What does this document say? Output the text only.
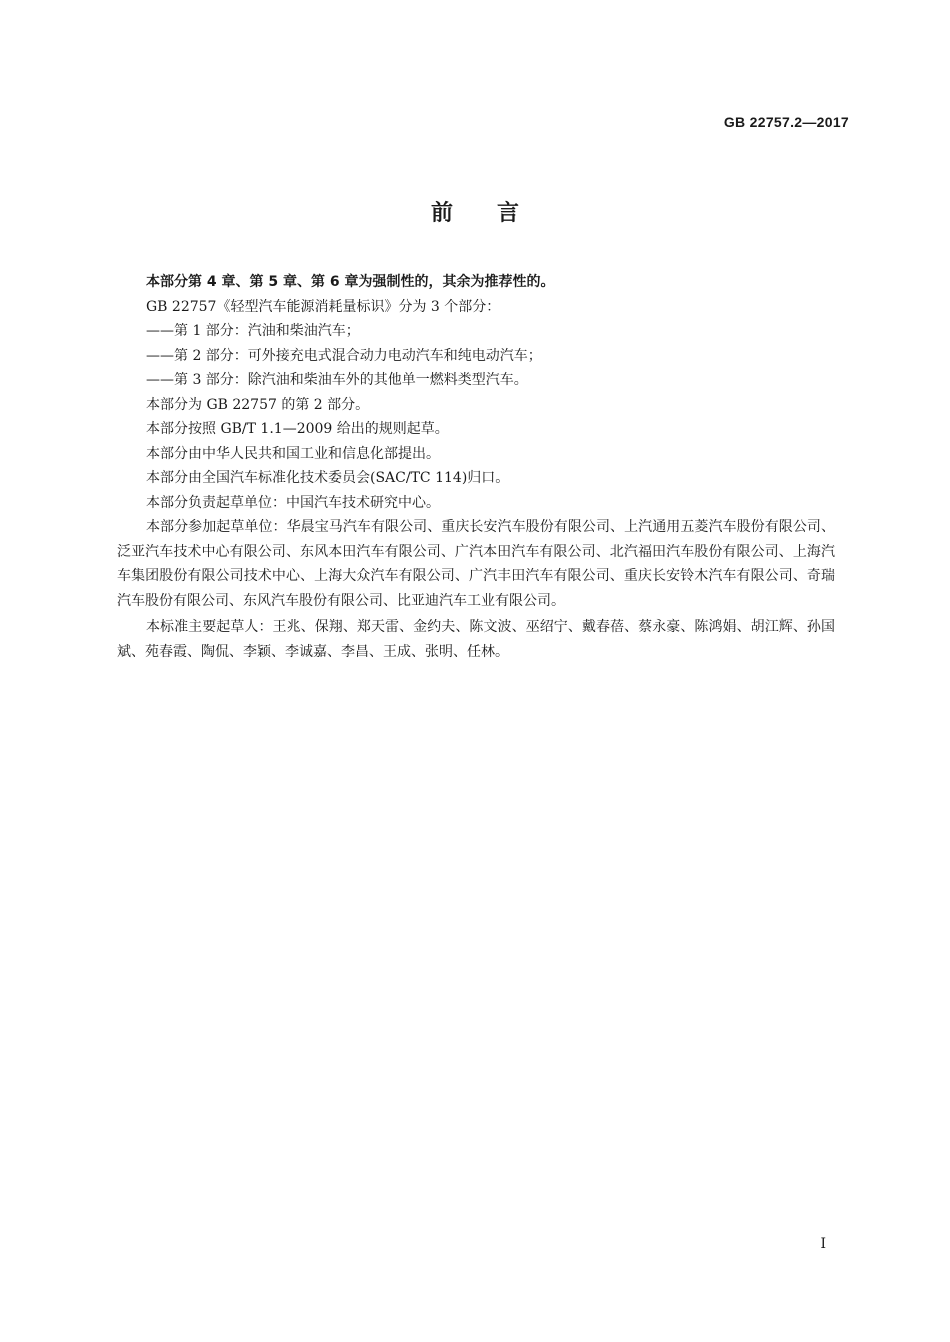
GB 22757.2—2017
前言

本部分第 4 章、第 5 章、第 6 章为强制性的，其余为推荐性的。

GB 22757《轻型汽车能源消耗量标识》分为 3 个部分：

——第 1 部分：汽油和柴油汽车；

——第 2 部分：可外接充电式混合动力电动汽车和纯电动汽车；

——第 3 部分：除汽油和柴油车外的其他单一燃料类型汽车。

本部分为 GB 22757 的第 2 部分。

本部分按照 GB/T 1.1—2009 给出的规则起草。

本部分由中华人民共和国工业和信息化部提出。

本部分由全国汽车标准化技术委员会(SAC/TC 114)归口。

本部分负责起草单位：中国汽车技术研究中心。

本部分参加起草单位：华晨宝马汽车有限公司、重庆长安汽车股份有限公司、上汽通用五菱汽车股份有限公司、泛亚汽车技术中心有限公司、东风本田汽车有限公司、广汽本田汽车有限公司、北汽福田汽车股份有限公司、上海汽车集团股份有限公司技术中心、上海大众汽车有限公司、广汽丰田汽车有限公司、重庆长安铃木汽车有限公司、奇瑞汽车股份有限公司、东风汽车股份有限公司、比亚迪汽车工业有限公司。

本标准主要起草人：王兆、保翔、郑天雷、金约夫、陈文波、巫绍宁、戴春蓓、蔡永豪、陈鸿娟、胡江辉、孙国斌、苑春霞、陶侃、李颖、李诚嘉、李昌、王成、张明、任林。

I
